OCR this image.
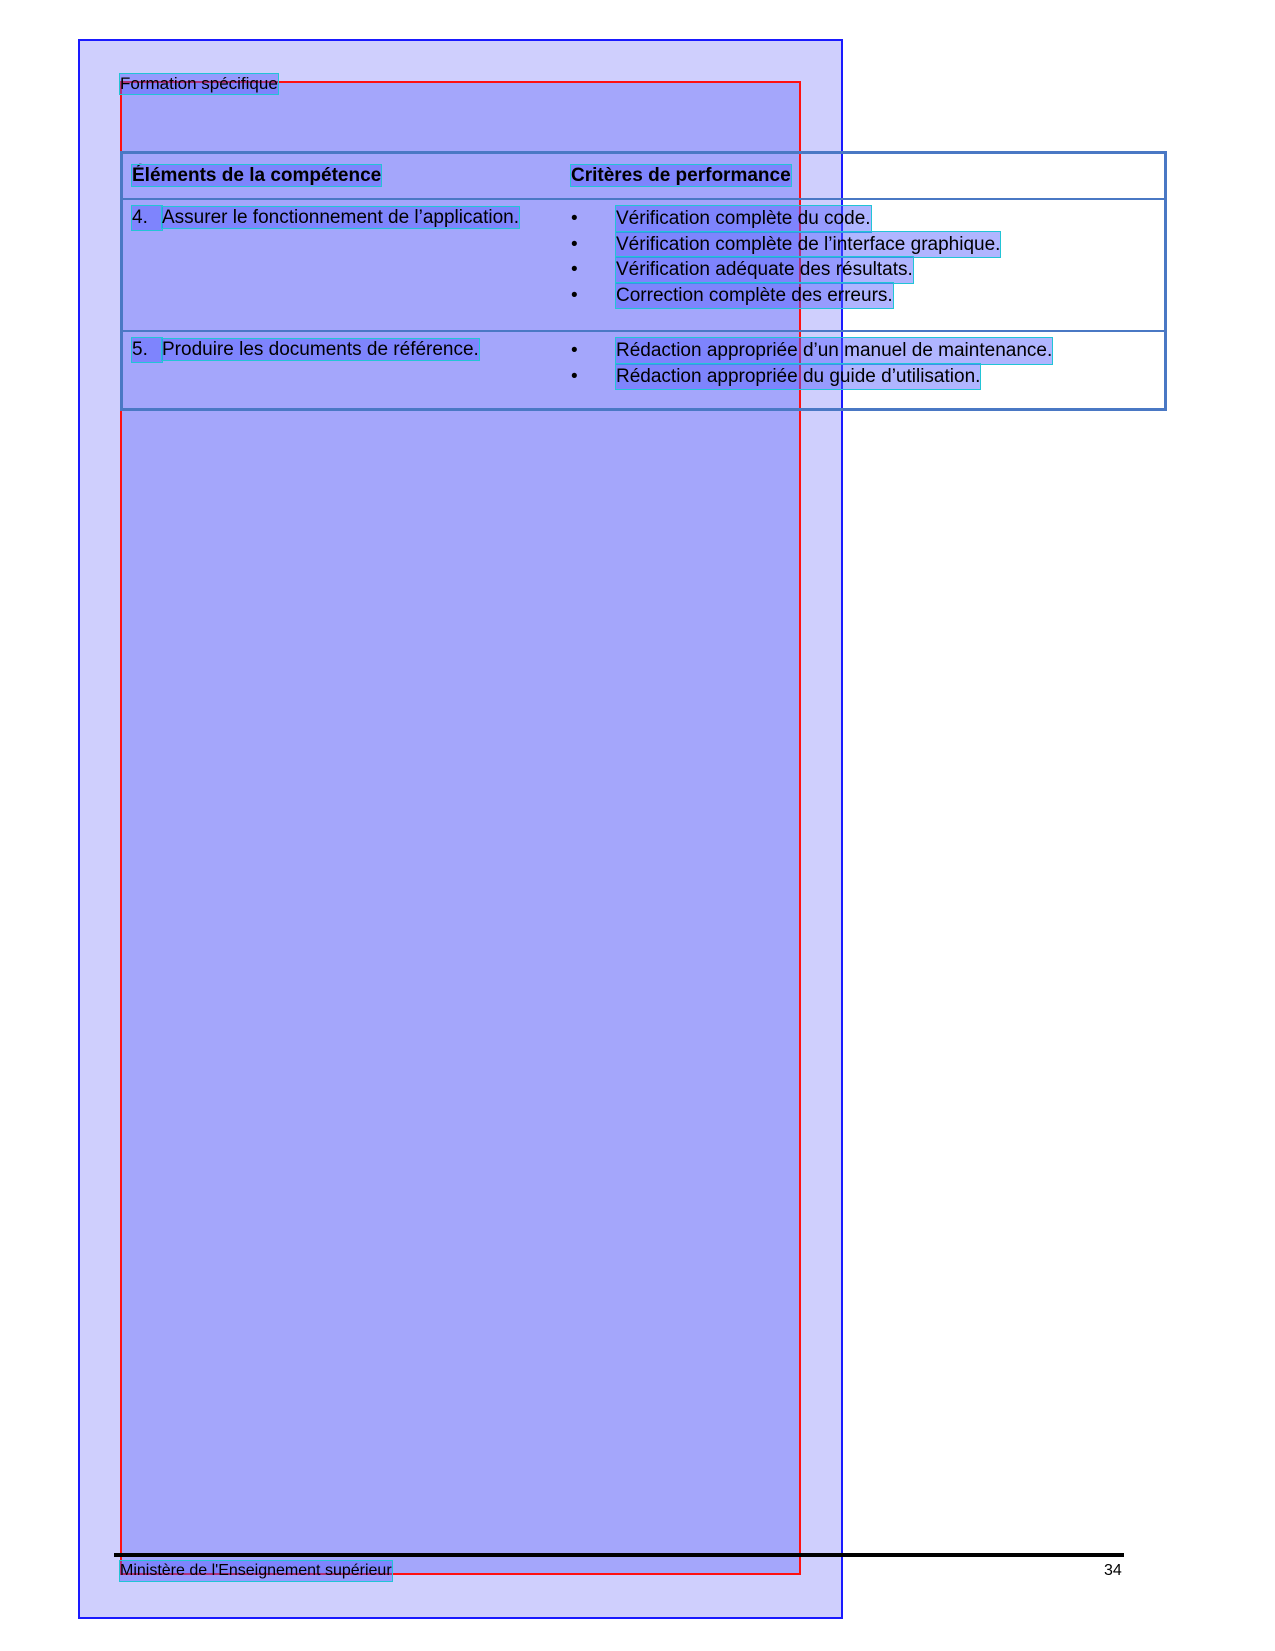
Formation spécifique
Éléments de la compétence	Critères de performance
4. Assurer le fonctionnement de l’application.	•	Vérification complète du code.
•	Vérification complète de l’interface graphique.
•	Vérification adéquate des résultats.
•	Correction complète des erreurs.
5. Produire les documents de référence.	•	Rédaction appropriée d’un manuel de maintenance.
•	Rédaction appropriée du guide d’utilisation.
Ministère de l'Enseignement supérieur	34
